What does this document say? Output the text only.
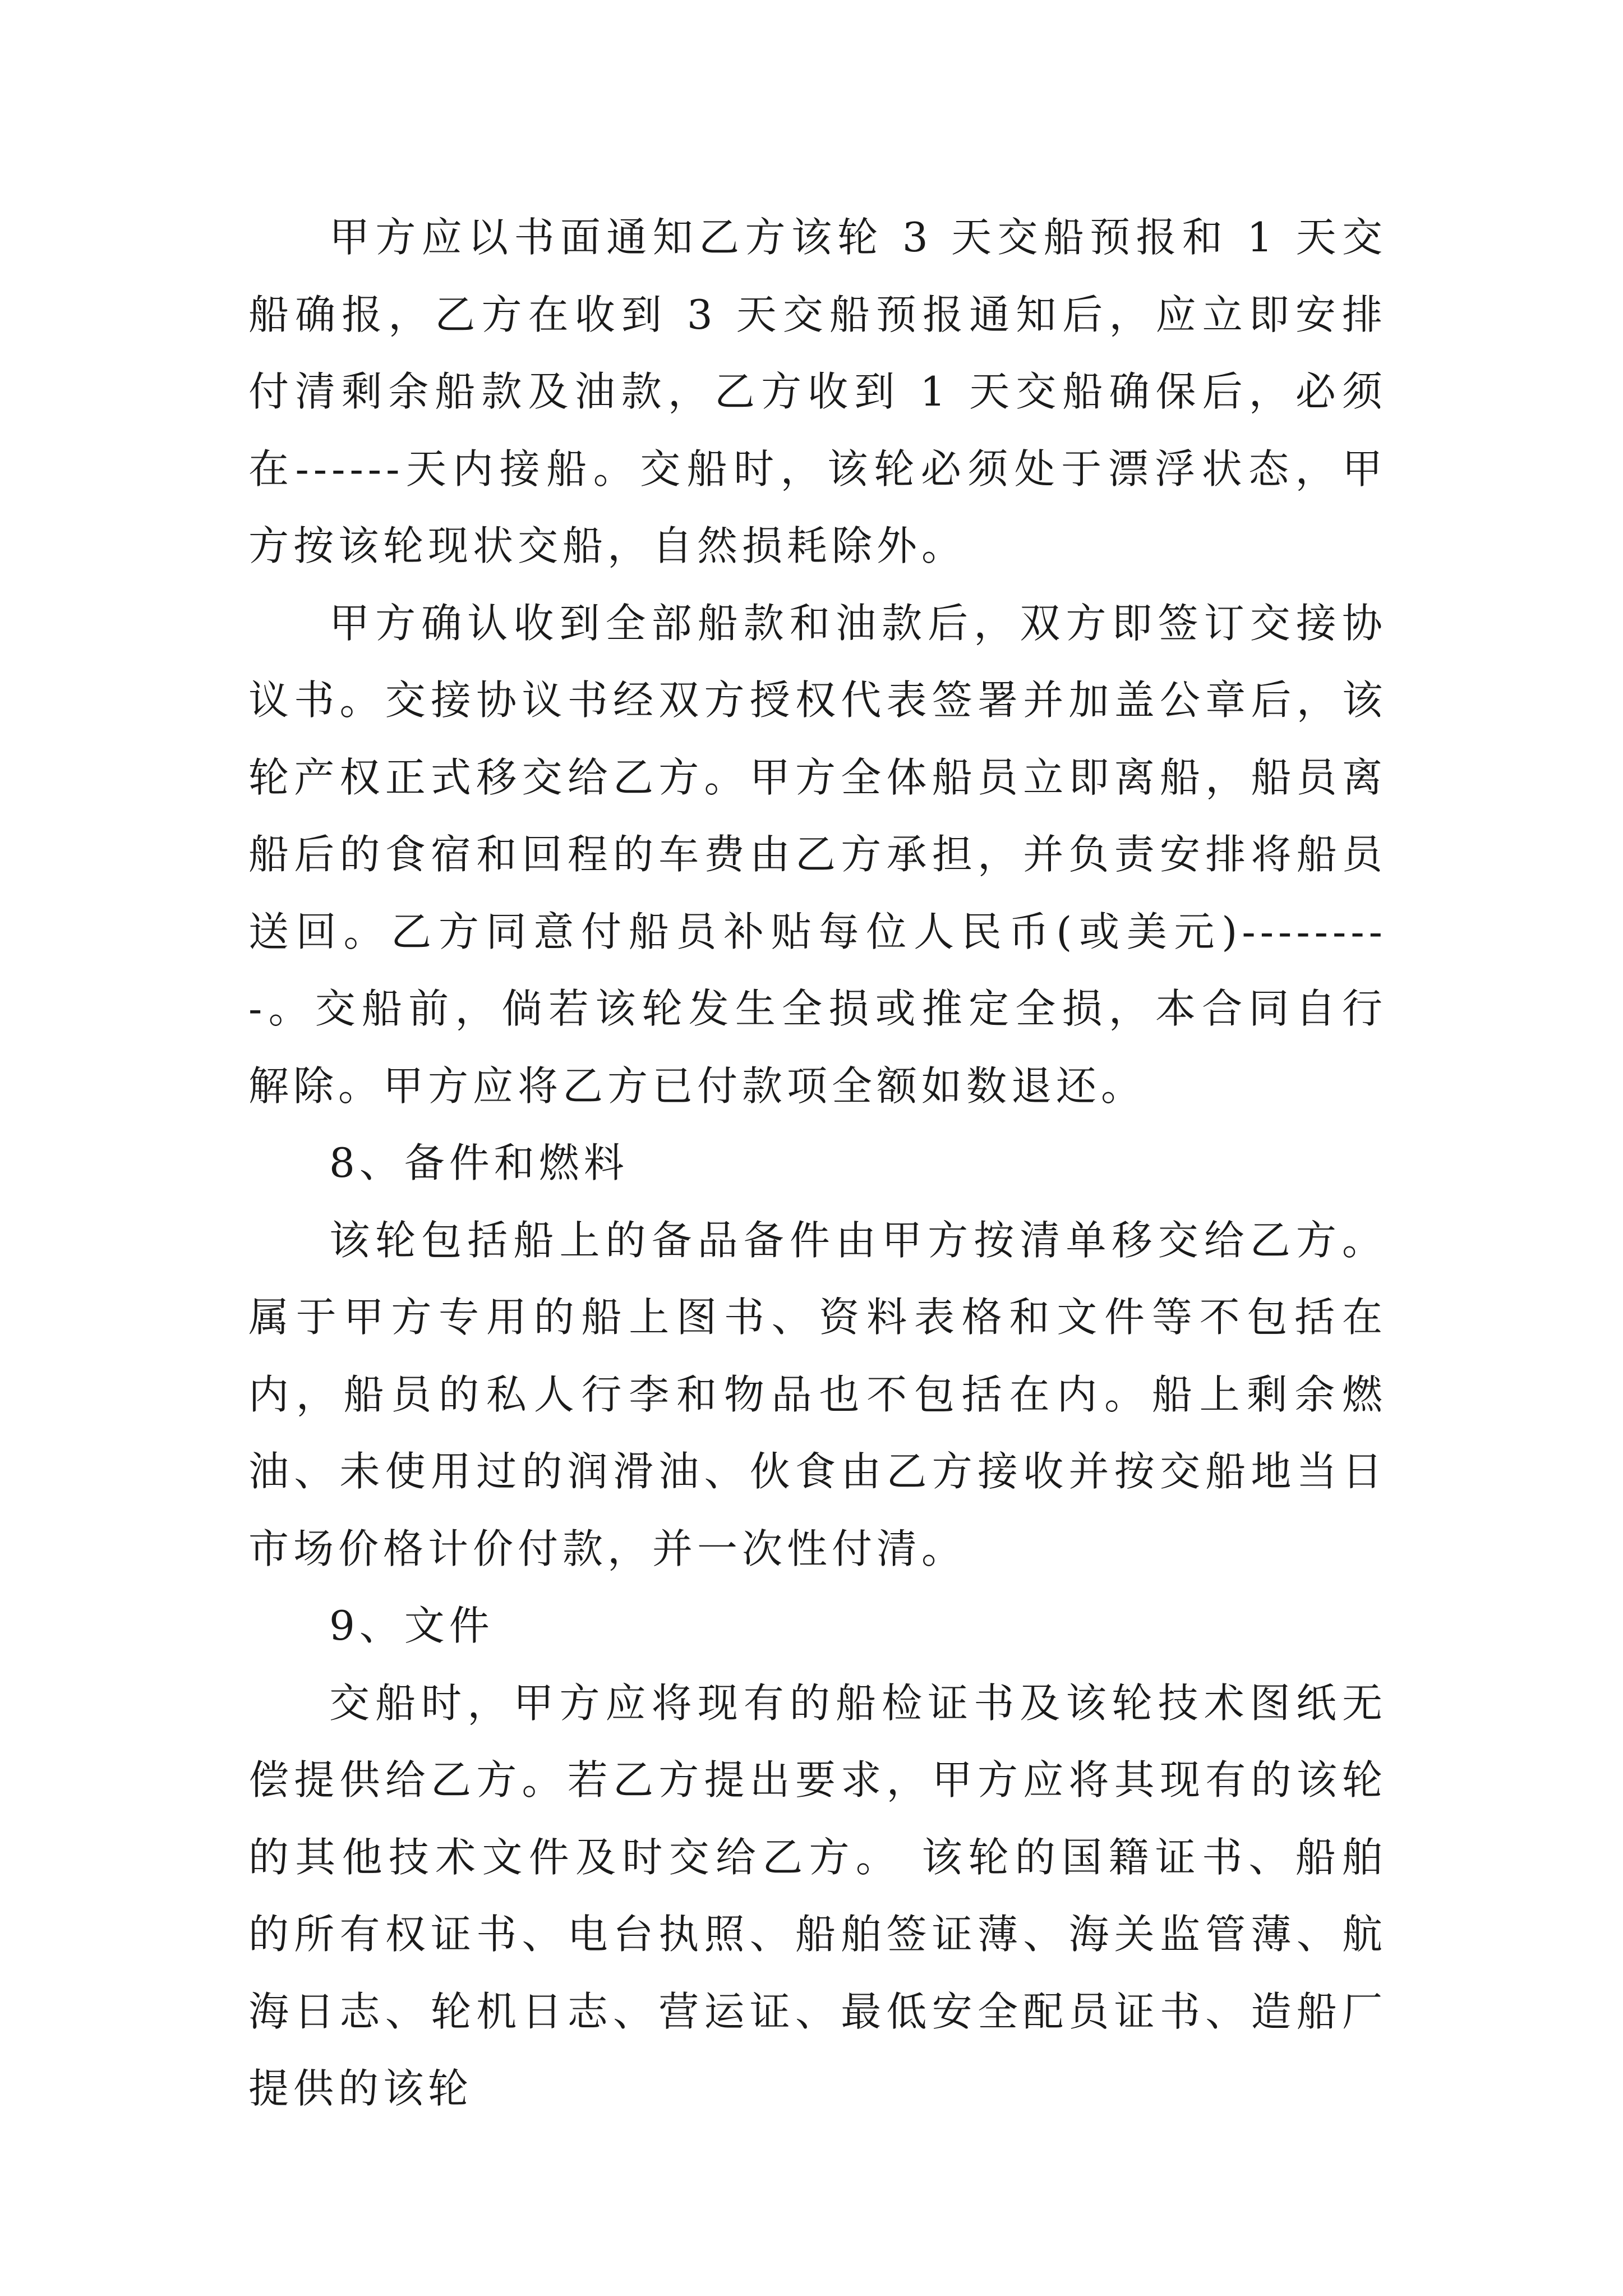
甲方应以书面通知乙方该轮 3 天交船预报和 1 天交船确报，乙方在收到 3 天交船预报通知后，应立即安排付清剩余船款及油款，乙方收到 1 天交船确保后，必须在------天内接船。交船时，该轮必须处于漂浮状态，甲方按该轮现状交船，自然损耗除外。

甲方确认收到全部船款和油款后，双方即签订交接协议书。交接协议书经双方授权代表签署并加盖公章后，该轮产权正式移交给乙方。甲方全体船员立即离船，船员离船后的食宿和回程的车费由乙方承担，并负责安排将船员送回。乙方同意付船员补贴每位人民币(或美元)---------。交船前，倘若该轮发生全损或推定全损，本合同自行解除。甲方应将乙方已付款项全额如数退还。

8、备件和燃料

该轮包括船上的备品备件由甲方按清单移交给乙方。属于甲方专用的船上图书、资料表格和文件等不包括在内，船员的私人行李和物品也不包括在内。船上剩余燃油、未使用过的润滑油、伙食由乙方接收并按交船地当日市场价格计价付款，并一次性付清。

9、文件

交船时，甲方应将现有的船检证书及该轮技术图纸无偿提供给乙方。若乙方提出要求，甲方应将其现有的该轮的其他技术文件及时交给乙方。 该轮的国籍证书、船舶的所有权证书、电台执照、船舶签证薄、海关监管薄、航海日志、轮机日志、营运证、最低安全配员证书、造船厂提供的该轮
